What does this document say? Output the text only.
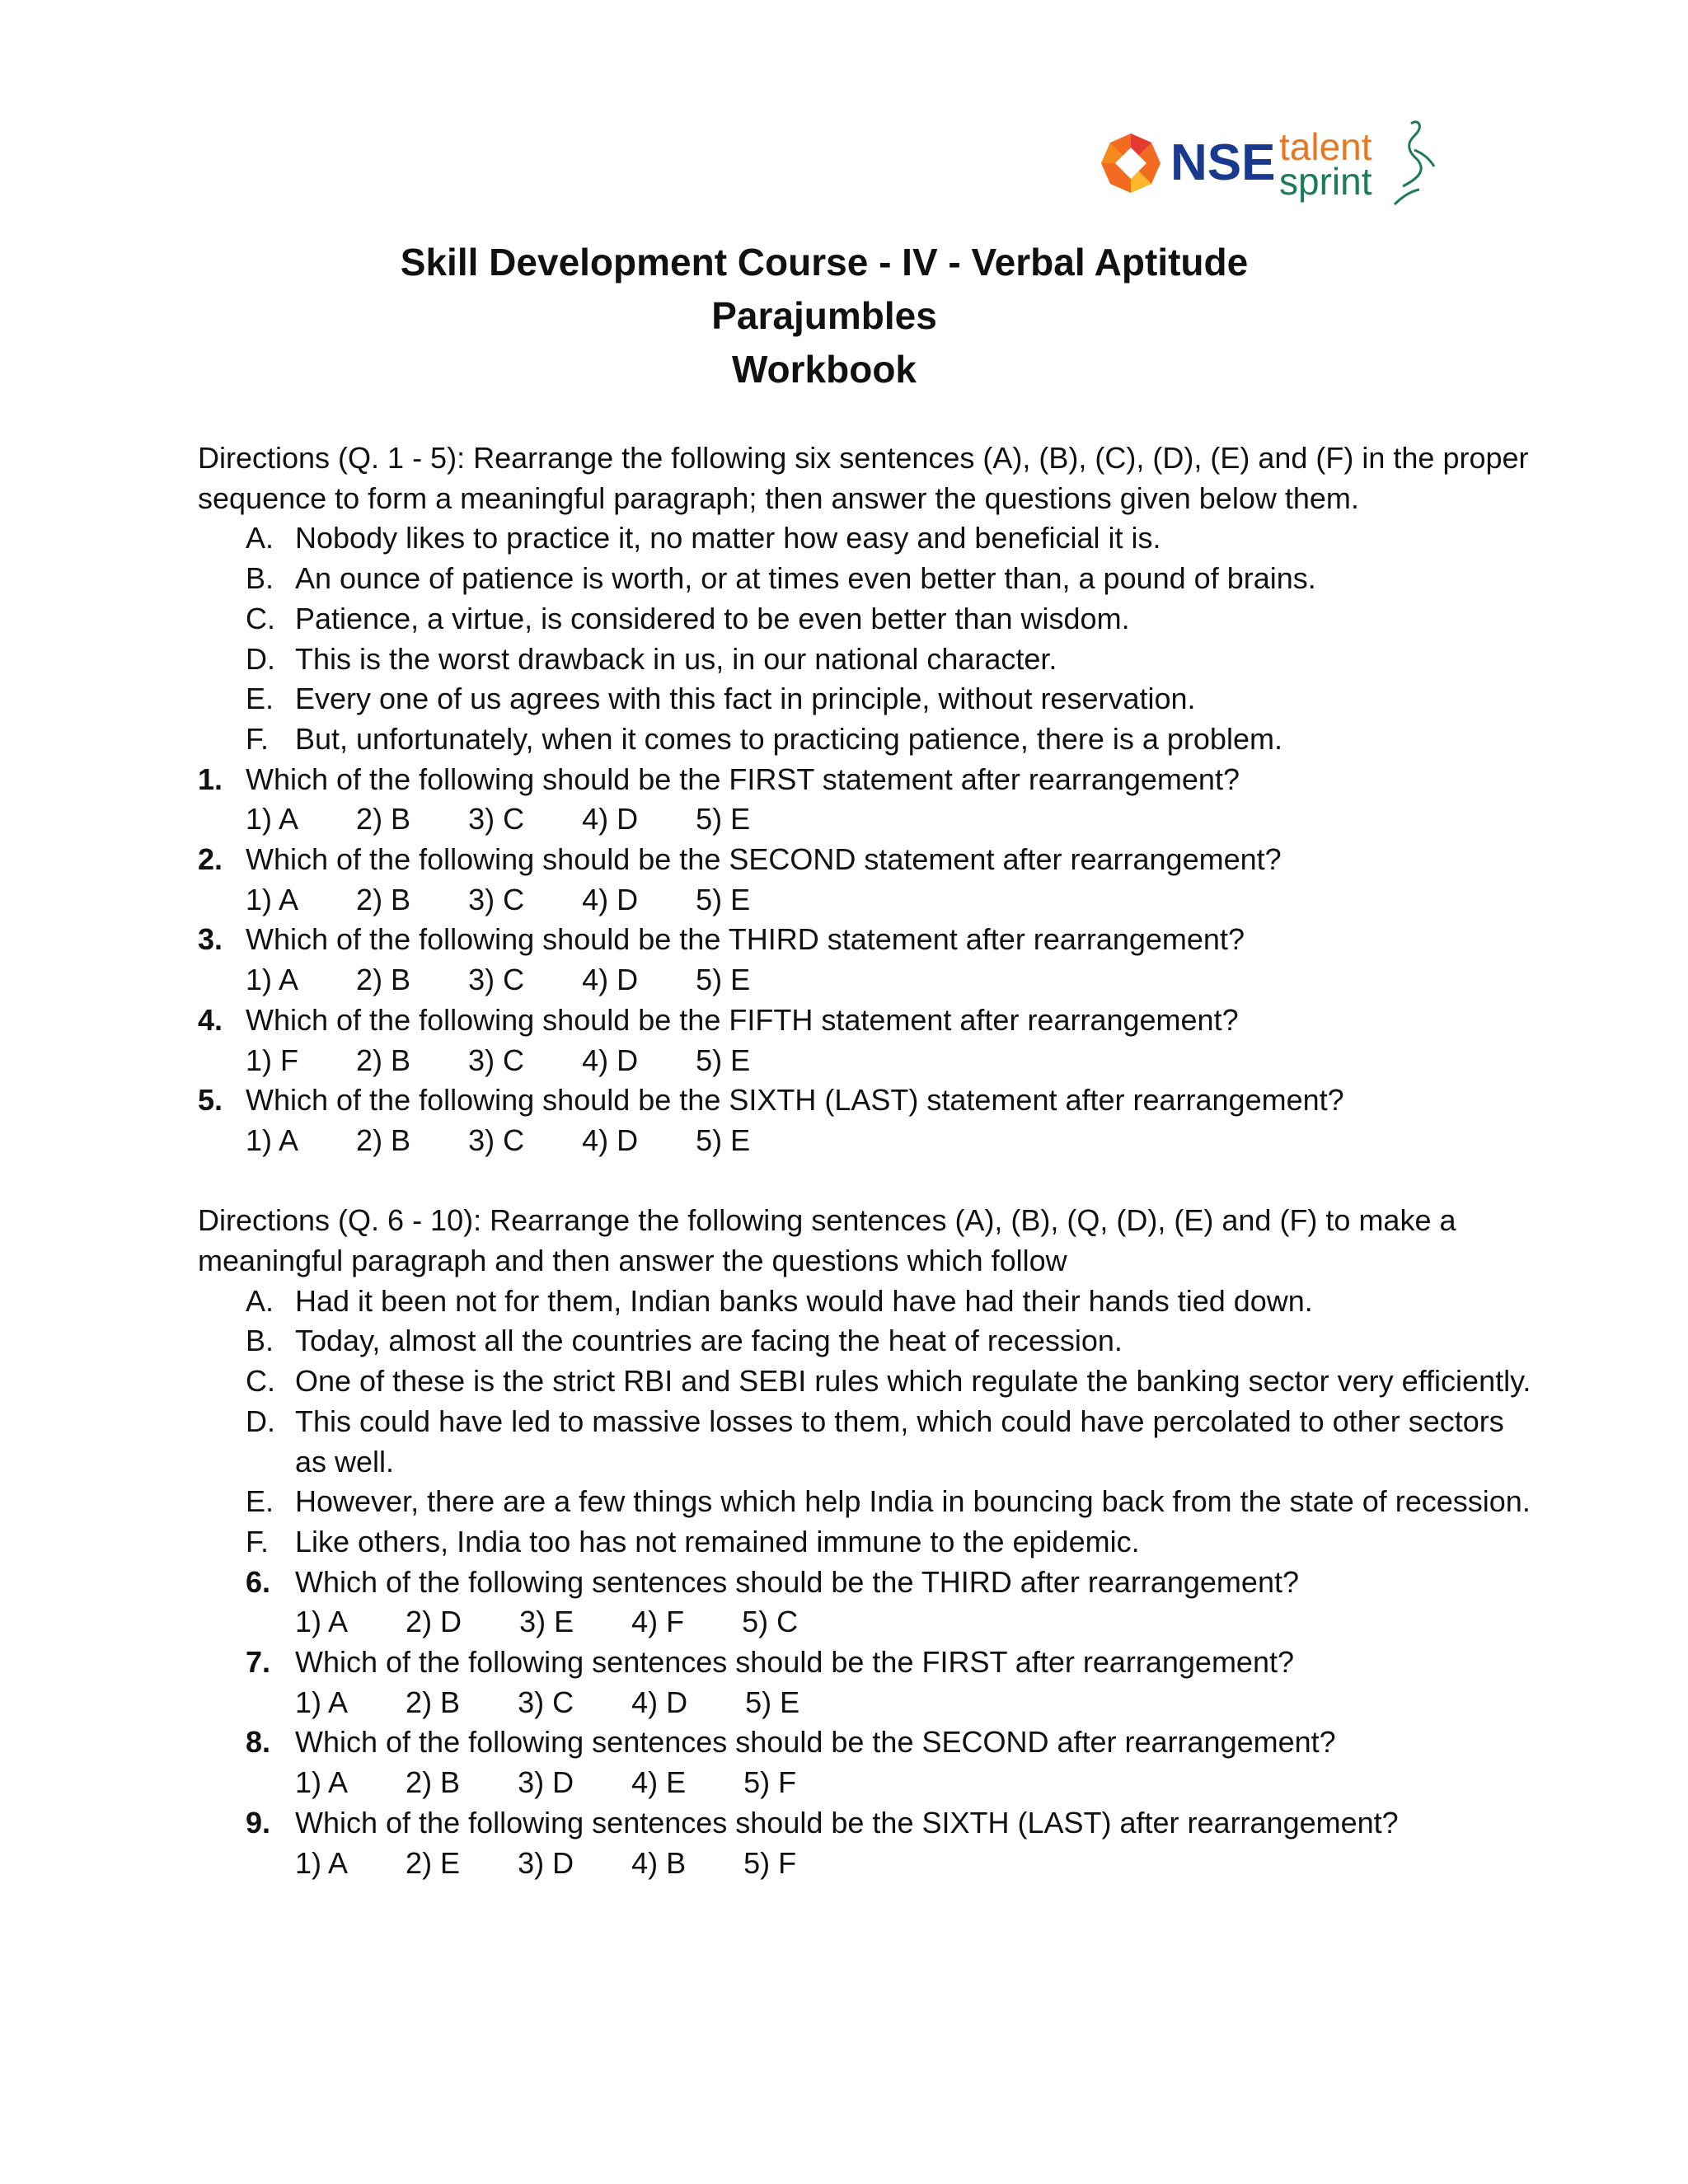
NSE talent
sprint
Skill Development Course - IV - Verbal Aptitude
Parajumbles
Workbook

Directions (Q. 1 - 5): Rearrange the following six sentences (A), (B), (C), (D), (E) and (F) in the proper sequence to form a meaningful paragraph; then answer the questions given below them.

A. Nobody likes to practice it, no matter how easy and beneficial it is.
B. An ounce of patience is worth, or at times even better than, a pound of brains.
C. Patience, a virtue, is considered to be even better than wisdom.
D. This is the worst drawback in us, in our national character.
E. Every one of us agrees with this fact in principle, without reservation.
F. But, unfortunately, when it comes to practicing patience, there is a problem.
1. Which of the following should be the FIRST statement after rearrangement?
1) A 2) B 3) C 4) D 5) E
2. Which of the following should be the SECOND statement after rearrangement?
1) A 2) B 3) C 4) D 5) E
3. Which of the following should be the THIRD statement after rearrangement?
1) A 2) B 3) C 4) D 5) E
4. Which of the following should be the FIFTH statement after rearrangement?
1) F 2) B 3) C 4) D 5) E
5. Which of the following should be the SIXTH (LAST) statement after rearrangement?
1) A 2) B 3) C 4) D 5) E

Directions (Q. 6 - 10): Rearrange the following sentences (A), (B), (Q, (D), (E) and (F) to make a meaningful paragraph and then answer the questions which follow

A. Had it been not for them, Indian banks would have had their hands tied down.
B. Today, almost all the countries are facing the heat of recession.
C. One of these is the strict RBI and SEBI rules which regulate the banking sector very efficiently.
D. This could have led to massive losses to them, which could have percolated to other sectors as well.
E. However, there are a few things which help India in bouncing back from the state of recession.
F. Like others, India too has not remained immune to the epidemic.
6. Which of the following sentences should be the THIRD after rearrangement?
1) A 2) D 3) E 4) F 5) C
7. Which of the following sentences should be the FIRST after rearrangement?
1) A 2) B 3) C 4) D 5) E
8. Which of the following sentences should be the SECOND after rearrangement?
1) A 2) B 3) D 4) E 5) F
9. Which of the following sentences should be the SIXTH (LAST) after rearrangement?
1) A 2) E 3) D 4) B 5) F
